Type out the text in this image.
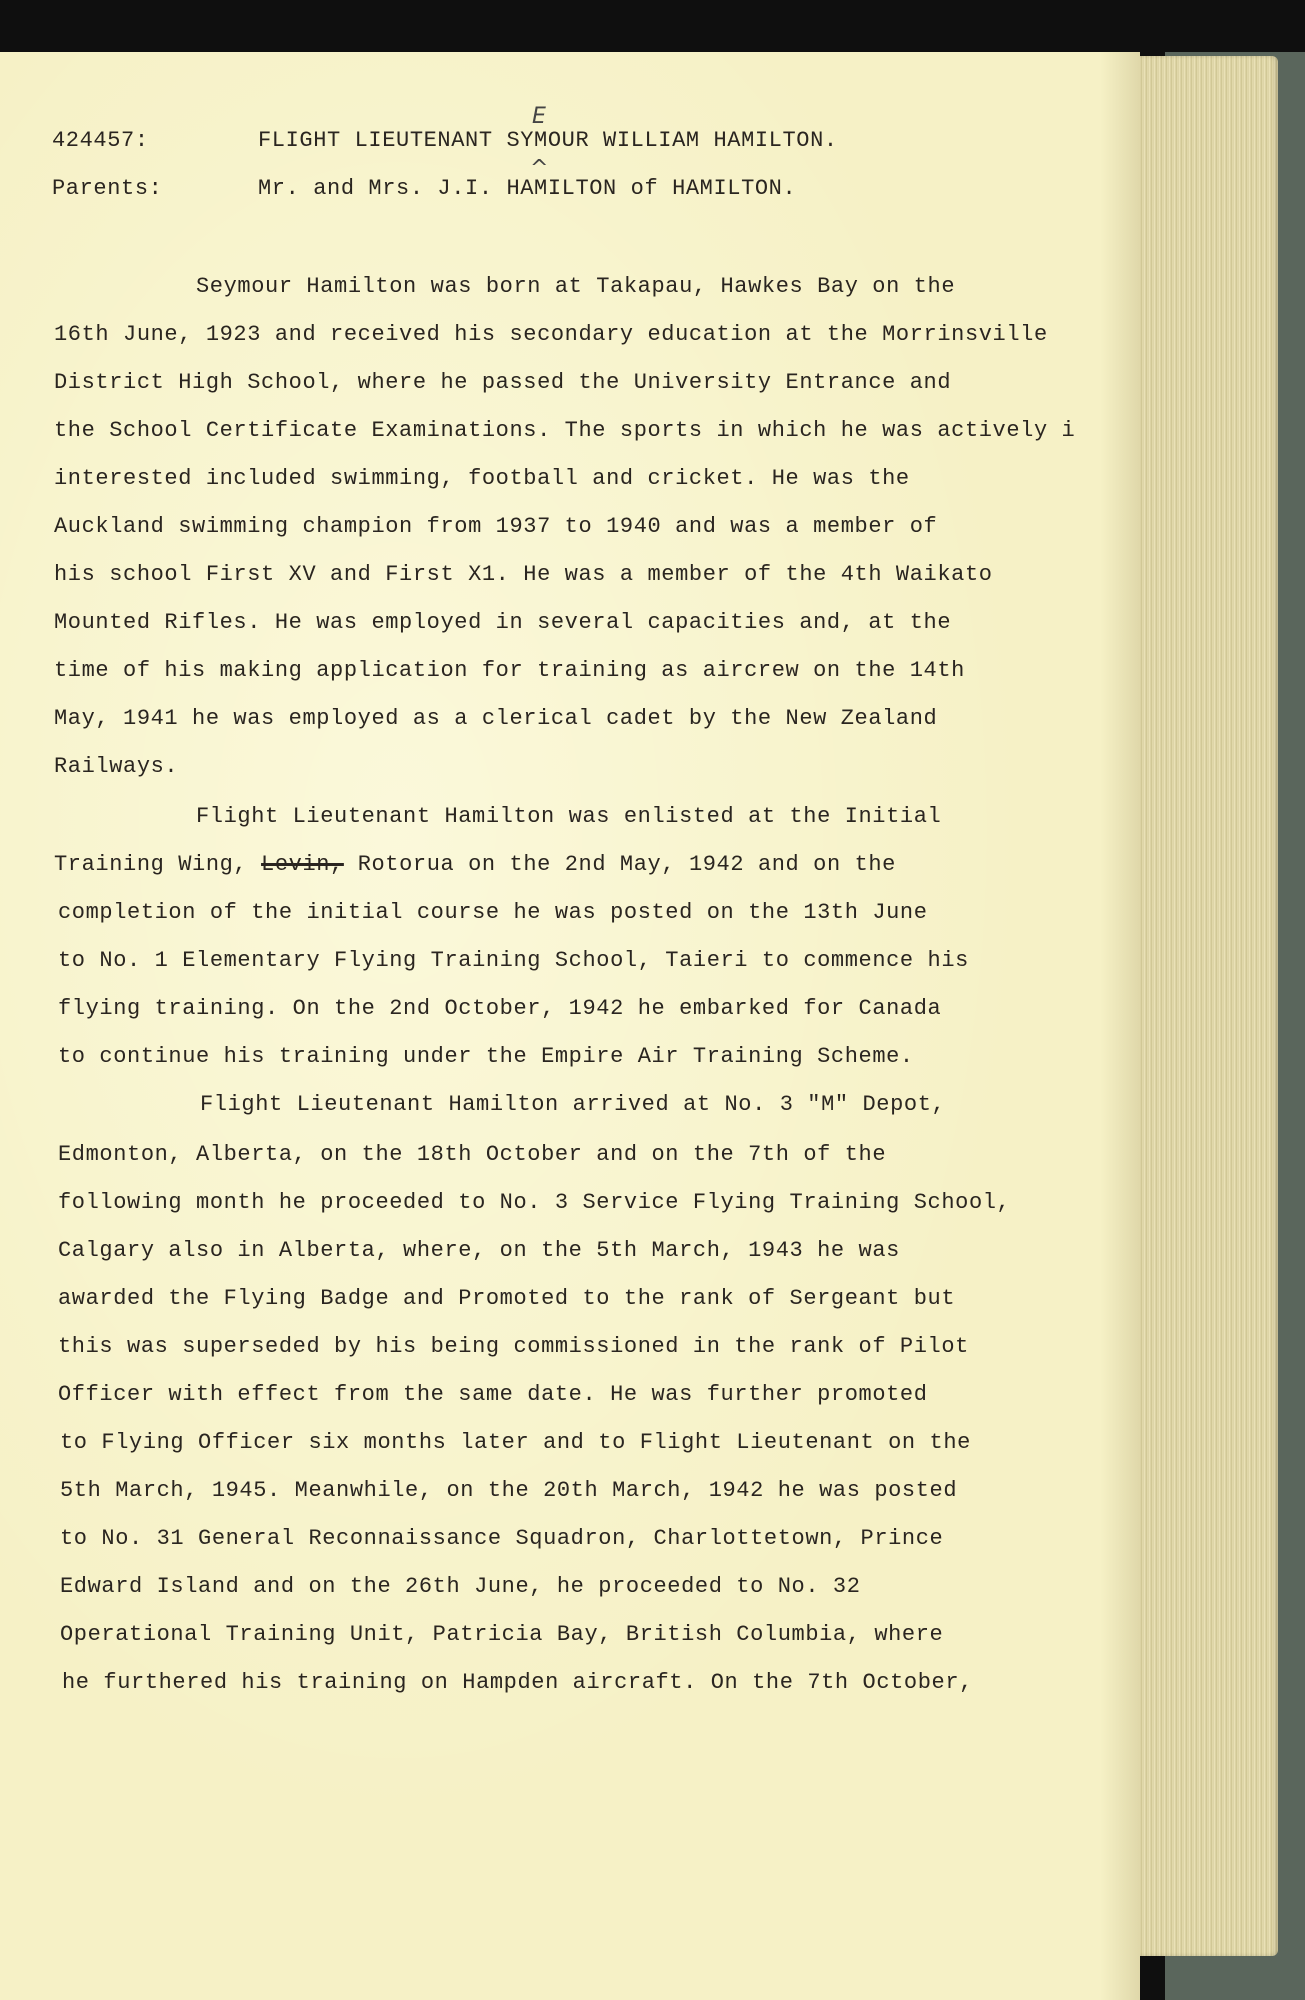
E
^
424457:	FLIGHT LIEUTENANT SYMOUR WILLIAM HAMILTON.
Parents:	Mr. and Mrs. J.I. HAMILTON of HAMILTON.
Seymour Hamilton was born at Takapau, Hawkes Bay on the
16th June, 1923 and received his secondary education at the Morrinsville
District High School, where he passed the University Entrance and
the School Certificate Examinations. The sports in which he was actively i
interested included swimming, football and cricket. He was the
Auckland swimming champion from 1937 to 1940 and was a member of
his school First XV and First X1. He was a member of the 4th Waikato
Mounted Rifles. He was employed in several capacities and, at the
time of his making application for training as aircrew on the 14th
May, 1941 he was employed as a clerical cadet by the New Zealand
Railways.
Flight Lieutenant Hamilton was enlisted at the Initial
Training Wing, Levin, Rotorua on the 2nd May, 1942 and on the
completion of the initial course he was posted on the 13th June
to No. 1 Elementary Flying Training School, Taieri to commence his
flying training. On the 2nd October, 1942 he embarked for Canada
to continue his training under the Empire Air Training Scheme.
Flight Lieutenant Hamilton arrived at No. 3 "M" Depot,
Edmonton, Alberta, on the 18th October and on the 7th of the
following month he proceeded to No. 3 Service Flying Training School,
Calgary also in Alberta, where, on the 5th March, 1943 he was
awarded the Flying Badge and Promoted to the rank of Sergeant but
this was superseded by his being commissioned in the rank of Pilot
Officer with effect from the same date. He was further promoted
to Flying Officer six months later and to Flight Lieutenant on the
5th March, 1945. Meanwhile, on the 20th March, 1942 he was posted
to No. 31 General Reconnaissance Squadron, Charlottetown, Prince
Edward Island and on the 26th June, he proceeded to No. 32
Operational Training Unit, Patricia Bay, British Columbia, where
he furthered his training on Hampden aircraft. On the 7th October,
